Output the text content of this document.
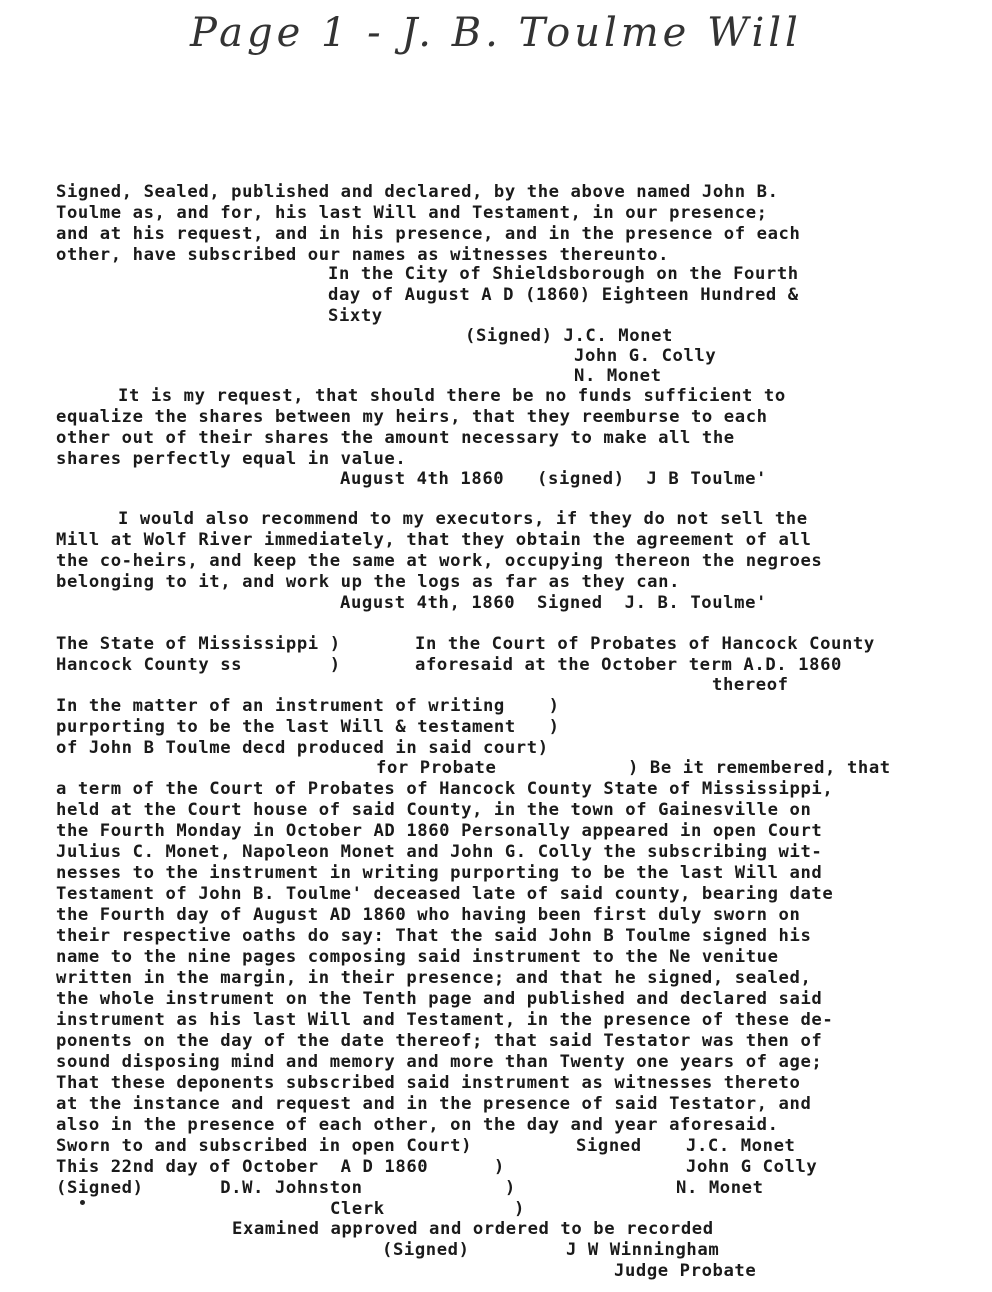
Page 1 - J. B. Toulme Will
Signed, Sealed, published and declared, by the above named John B.
Toulme as, and for, his last Will and Testament, in our presence;
and at his request, and in his presence, and in the presence of each
other, have subscribed our names as witnesses thereunto.
In the City of Shieldsborough on the Fourth
day of August A D (1860) Eighteen Hundred &
Sixty
(Signed) J.C. Monet
John G. Colly
N. Monet
It is my request, that should there be no funds sufficient to
equalize the shares between my heirs, that they reemburse to each
other out of their shares the amount necessary to make all the
shares perfectly equal in value.
August 4th 1860   (signed)  J B Toulme'
I would also recommend to my executors, if they do not sell the
Mill at Wolf River immediately, that they obtain the agreement of all
the co-heirs, and keep the same at work, occupying thereon the negroes
belonging to it, and work up the logs as far as they can.
August 4th, 1860  Signed  J. B. Toulme'
The State of Mississippi )
Hancock County ss        )
In the Court of Probates of Hancock County
aforesaid at the October term A.D. 1860
thereof
In the matter of an instrument of writing    )
purporting to be the last Will & testament   )
of John B Toulme decd produced in said court)
for Probate	) Be it remembered, that
a term of the Court of Probates of Hancock County State of Mississippi,
held at the Court house of said County, in the town of Gainesville on
the Fourth Monday in October AD 1860 Personally appeared in open Court
Julius C. Monet, Napoleon Monet and John G. Colly the subscribing wit-
nesses to the instrument in writing purporting to be the last Will and
Testament of John B. Toulme' deceased late of said county, bearing date
the Fourth day of August AD 1860 who having been first duly sworn on
their respective oaths do say: That the said John B Toulme signed his
name to the nine pages composing said instrument to the Ne venitue
written in the margin, in their presence; and that he signed, sealed,
the whole instrument on the Tenth page and published and declared said
instrument as his last Will and Testament, in the presence of these de-
ponents on the day of the date thereof; that said Testator was then of
sound disposing mind and memory and more than Twenty one years of age;
That these deponents subscribed said instrument as witnesses thereto
at the instance and request and in the presence of said Testator, and
also in the presence of each other, on the day and year aforesaid.
Sworn to and subscribed in open Court)
This 22nd day of October  A D 1860      )
(Signed)       D.W. Johnston             )
Clerk	)
Signed	J.C. Monet
John G Colly
N. Monet
Examined approved and ordered to be recorded
(Signed)	J W Winningham
Judge Probate
